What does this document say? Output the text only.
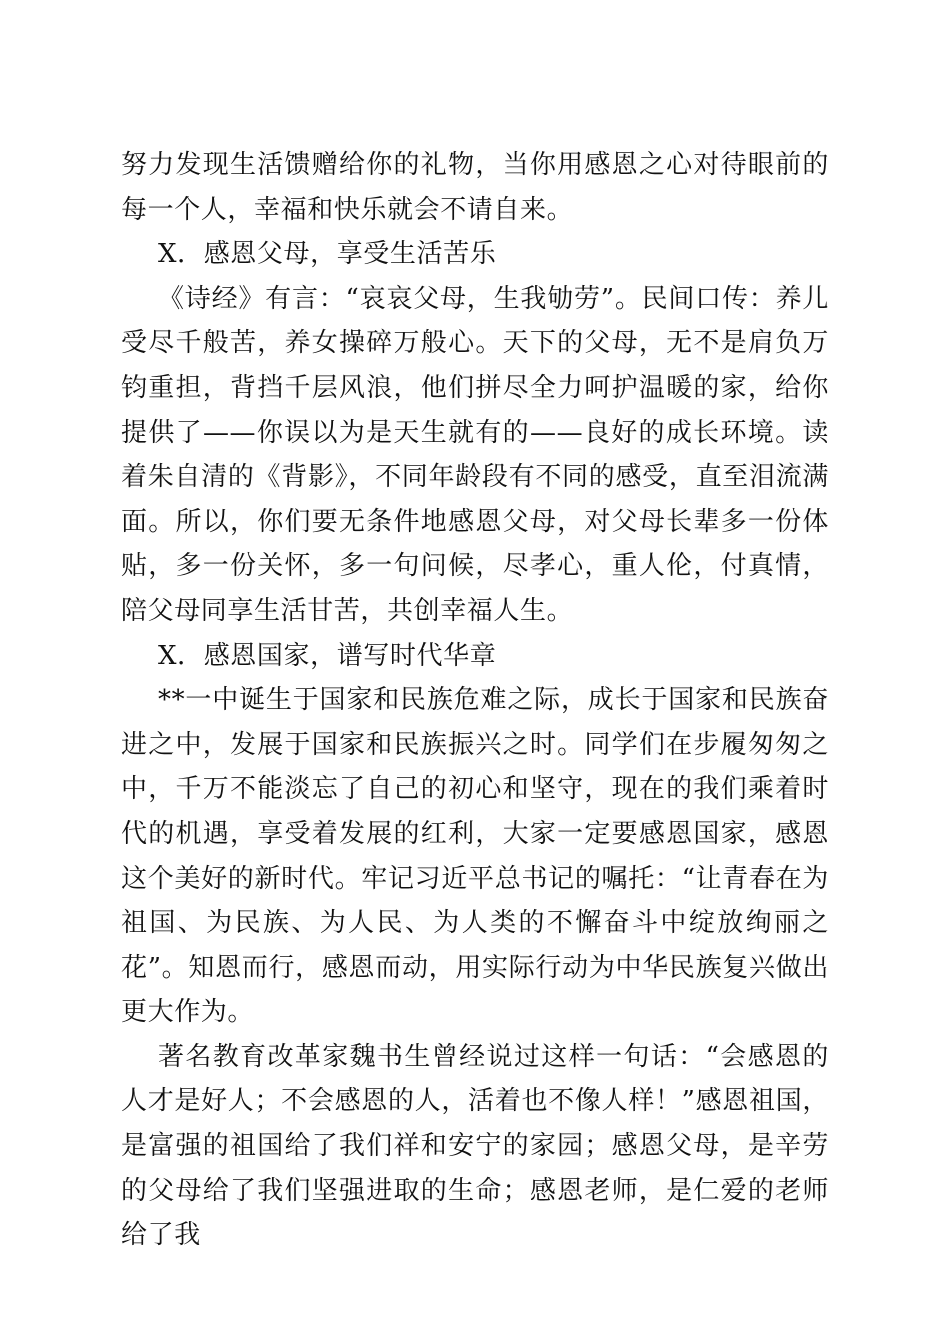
努力发现生活馈赠给你的礼物，当你用感恩之心对待眼前的每一个人，幸福和快乐就会不请自来。

X．感恩父母，享受生活苦乐

《诗经》有言：“哀哀父母，生我劬劳”。民间口传：养儿受尽千般苦，养女操碎万般心。天下的父母，无不是肩负万钧重担，背挡千层风浪，他们拼尽全力呵护温暖的家，给你提供了——你误以为是天生就有的——良好的成长环境。读着朱自清的《背影》，不同年龄段有不同的感受，直至泪流满面。所以，你们要无条件地感恩父母，对父母长辈多一份体贴，多一份关怀，多一句问候，尽孝心，重人伦，付真情，陪父母同享生活甘苦，共创幸福人生。

X．感恩国家，谱写时代华章

**一中诞生于国家和民族危难之际，成长于国家和民族奋进之中，发展于国家和民族振兴之时。同学们在步履匆匆之中，千万不能淡忘了自己的初心和坚守，现在的我们乘着时代的机遇，享受着发展的红利，大家一定要感恩国家，感恩这个美好的新时代。牢记习近平总书记的嘱托：“让青春在为祖国、为民族、为人民、为人类的不懈奋斗中绽放绚丽之花”。知恩而行，感恩而动，用实际行动为中华民族复兴做出更大作为。

著名教育改革家魏书生曾经说过这样一句话：“会感恩的人才是好人；不会感恩的人，活着也不像人样！”感恩祖国，是富强的祖国给了我们祥和安宁的家园；感恩父母，是辛劳的父母给了我们坚强进取的生命；感恩老师，是仁爱的老师给了我
